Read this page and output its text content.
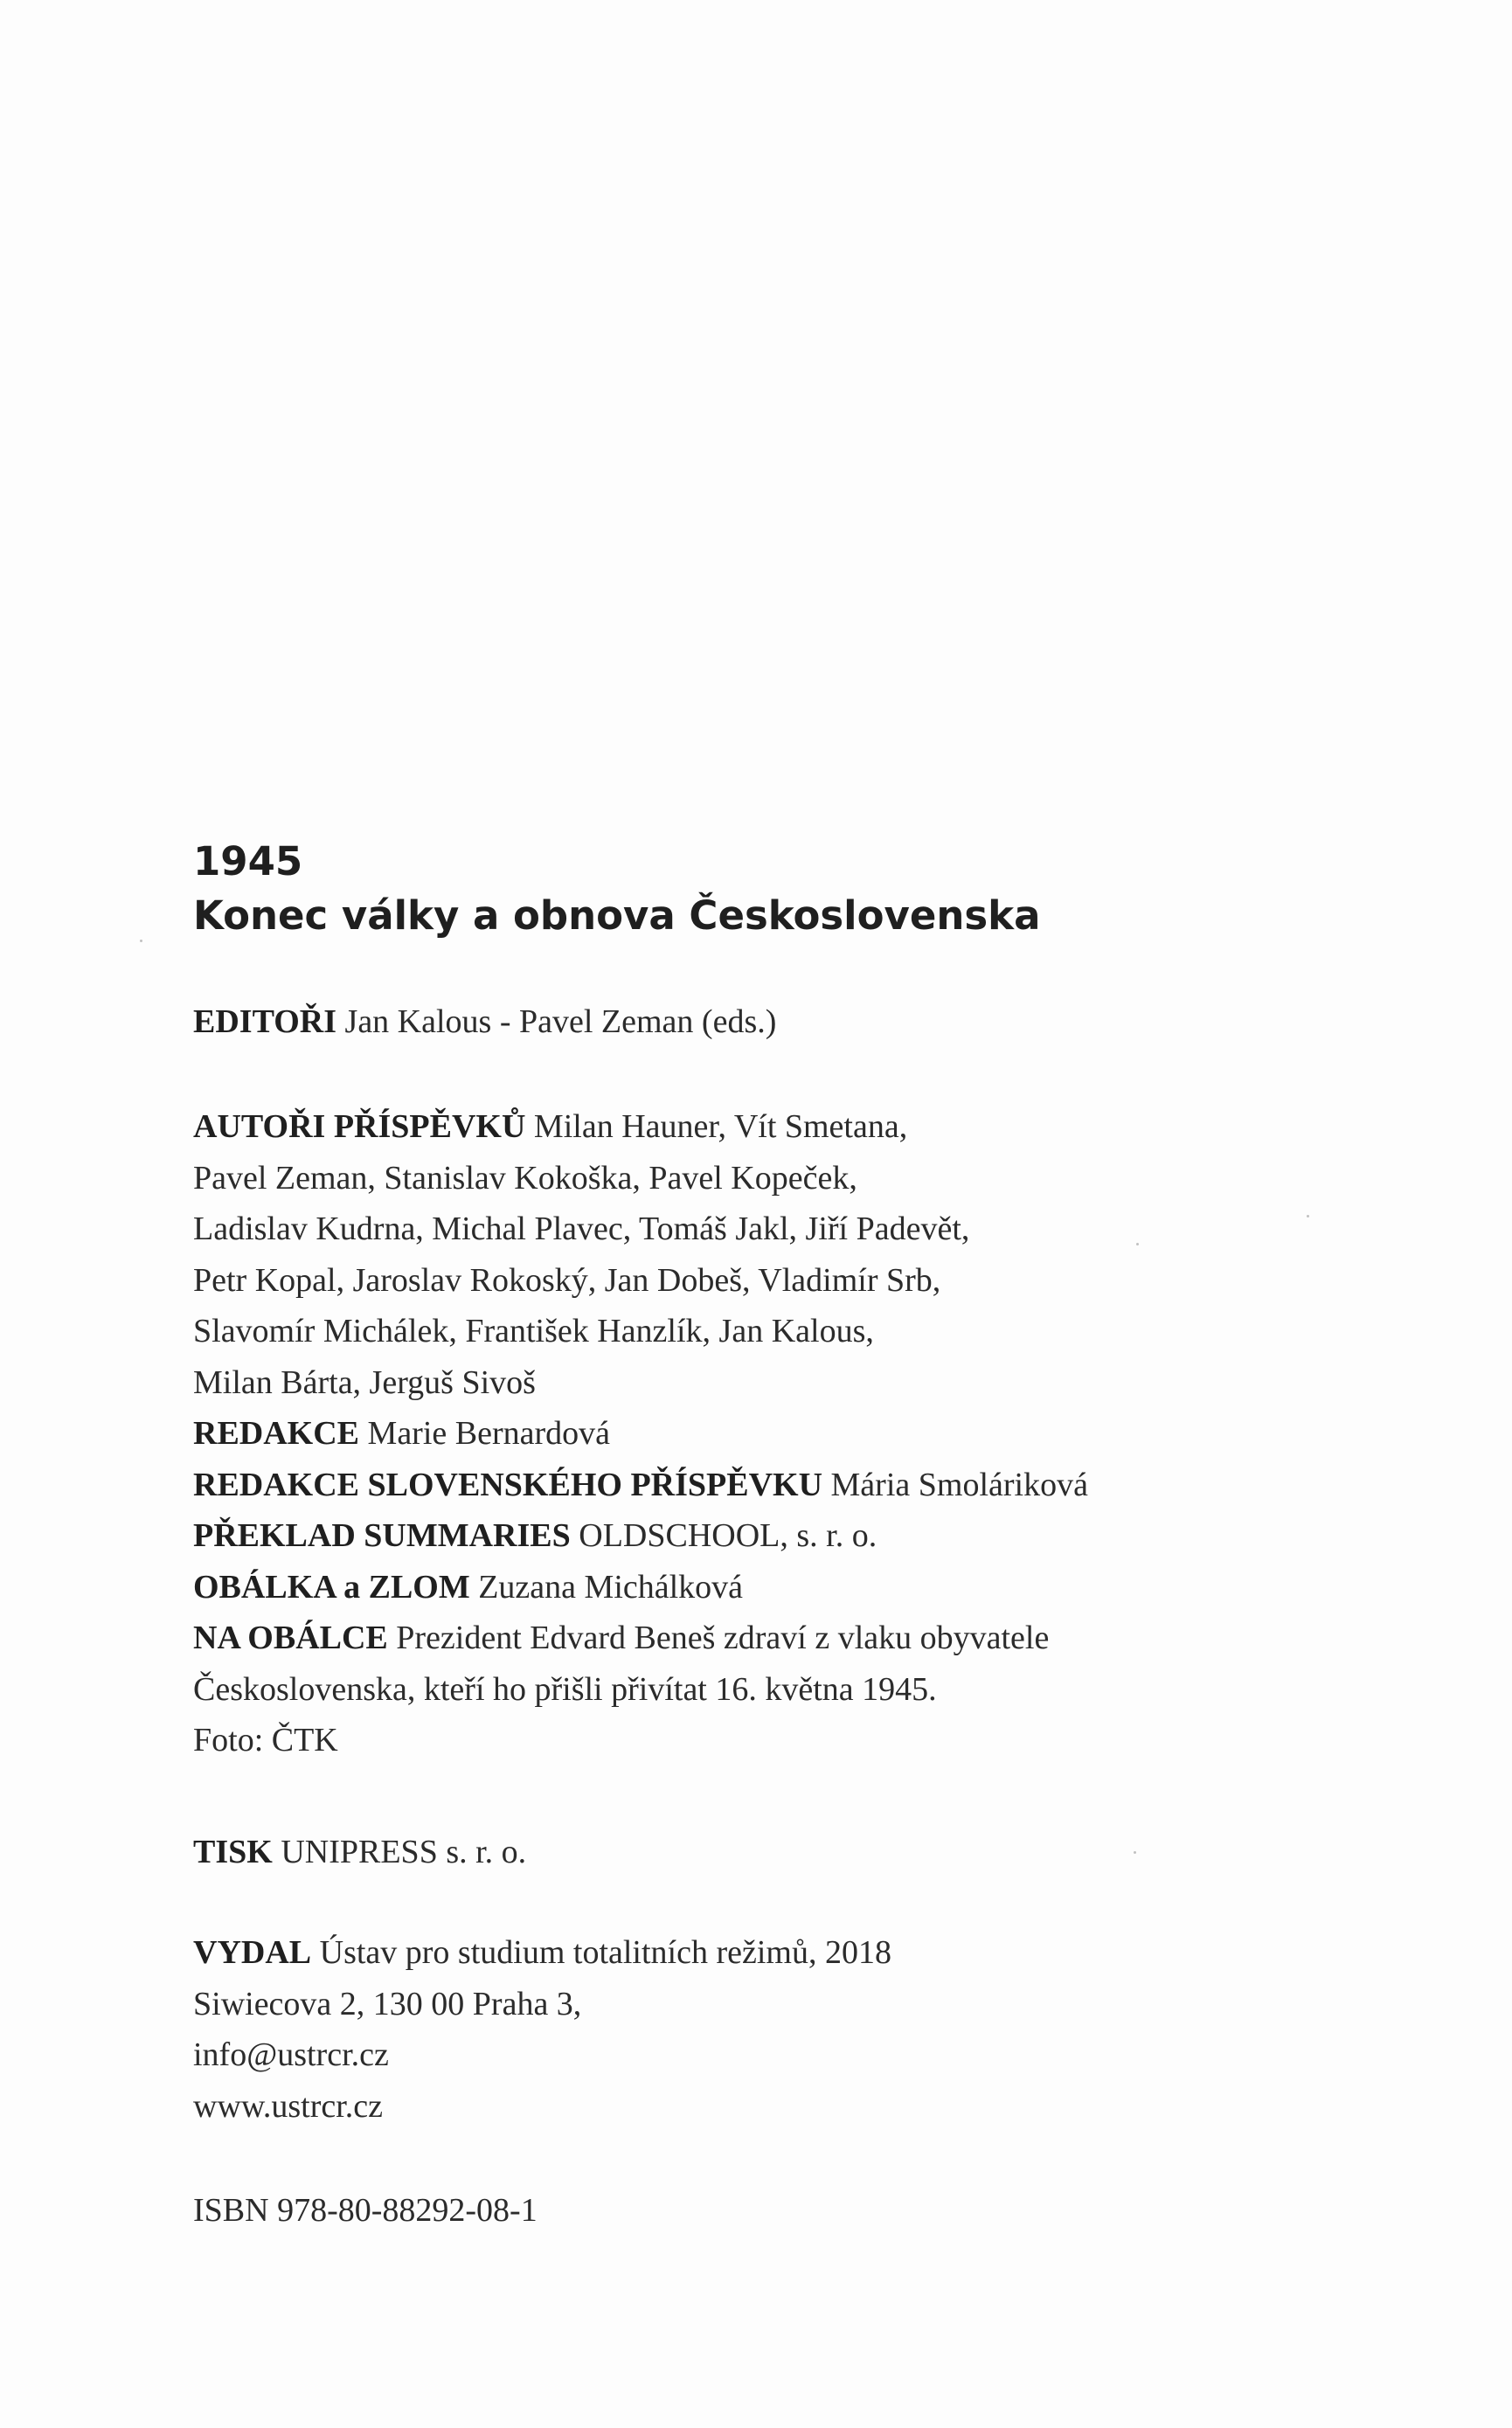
1945
Konec války a obnova Československa
EDITOŘI Jan Kalous - Pavel Zeman (eds.)
AUTOŘI PŘÍSPĚVKŮ Milan Hauner, Vít Smetana,
Pavel Zeman, Stanislav Kokoška, Pavel Kopeček,
Ladislav Kudrna, Michal Plavec, Tomáš Jakl, Jiří Padevět,
Petr Kopal, Jaroslav Rokoský, Jan Dobeš, Vladimír Srb,
Slavomír Michálek, František Hanzlík, Jan Kalous,
Milan Bárta, Jerguš Sivoš
REDAKCE Marie Bernardová
REDAKCE SLOVENSKÉHO PŘÍSPĚVKU Mária Smoláriková
PŘEKLAD SUMMARIES OLDSCHOOL, s. r. o.
OBÁLKA a ZLOM Zuzana Michálková
NA OBÁLCE Prezident Edvard Beneš zdraví z vlaku obyvatele
Československa, kteří ho přišli přivítat 16. května 1945.
Foto: ČTK
TISK UNIPRESS s. r. o.
VYDAL Ústav pro studium totalitních režimů, 2018
Siwiecova 2, 130 00 Praha 3,
info@ustrcr.cz
www.ustrcr.cz
ISBN 978-80-88292-08-1
